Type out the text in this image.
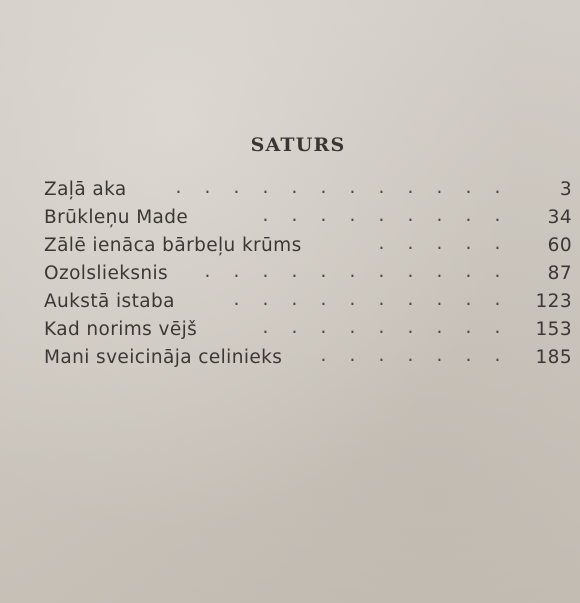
SATURS
Zaļā aka	. . . . . . . . . . . .	3
Brūkleņu Made	. . . . . . . . .	34
Zālē ienāca bārbeļu krūms	. . . . .	60
Ozolslieksnis	. . . . . . . . . . .	87
Aukstā istaba	. . . . . . . . . .	123
Kad norims vējš	. . . . . . . . .	153
Mani sveicināja celinieks	. . . . . . .	185
